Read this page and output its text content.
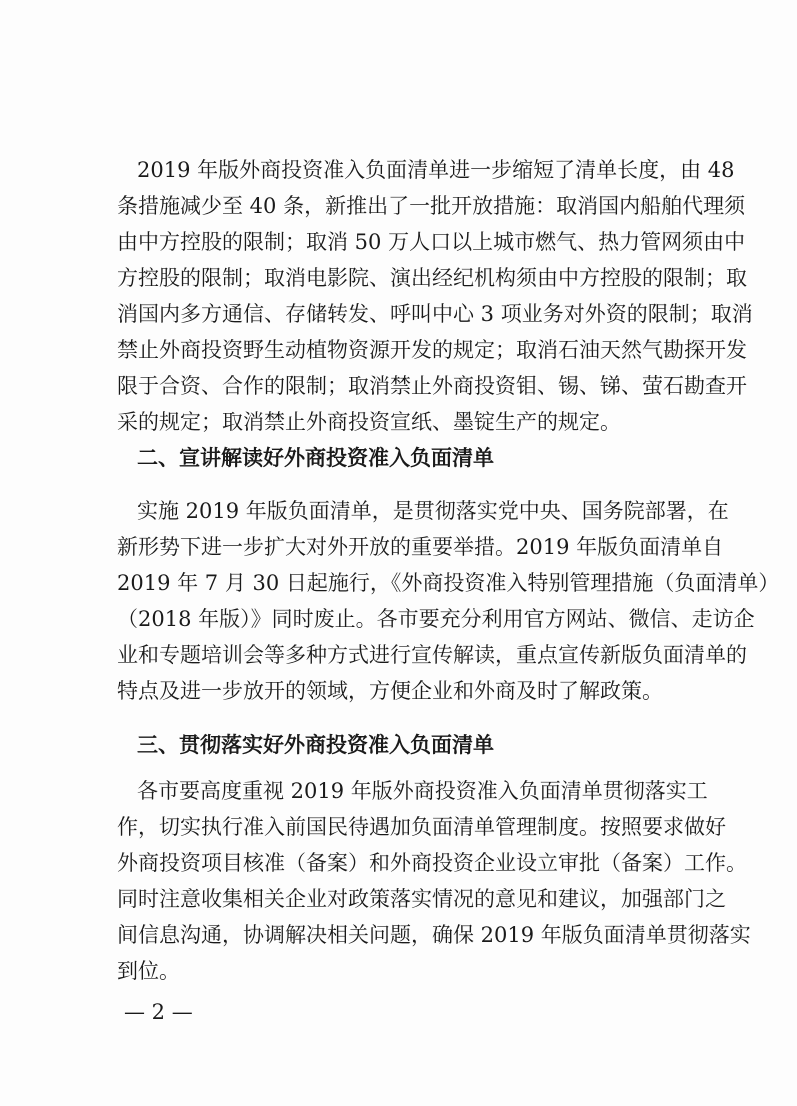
2019 年版外商投资准入负面清单进一步缩短了清单长度，由 48
条措施减少至 40 条，新推出了一批开放措施：取消国内船舶代理须
由中方控股的限制；取消 50 万人口以上城市燃气、热力管网须由中
方控股的限制；取消电影院、演出经纪机构须由中方控股的限制；取
消国内多方通信、存储转发、呼叫中心 3 项业务对外资的限制；取消
禁止外商投资野生动植物资源开发的规定；取消石油天然气勘探开发
限于合资、合作的限制；取消禁止外商投资钼、锡、锑、萤石勘查开
采的规定；取消禁止外商投资宣纸、墨锭生产的规定。
二、宣讲解读好外商投资准入负面清单
实施 2019 年版负面清单，是贯彻落实党中央、国务院部署，在
新形势下进一步扩大对外开放的重要举措。2019 年版负面清单自
2019 年 7 月 30 日起施行，《外商投资准入特别管理措施（负面清单）
（2018 年版）》同时废止。各市要充分利用官方网站、微信、走访企
业和专题培训会等多种方式进行宣传解读，重点宣传新版负面清单的
特点及进一步放开的领域，方便企业和外商及时了解政策。
三、贯彻落实好外商投资准入负面清单
各市要高度重视 2019 年版外商投资准入负面清单贯彻落实工
作，切实执行准入前国民待遇加负面清单管理制度。按照要求做好
外商投资项目核准（备案）和外商投资企业设立审批（备案）工作。
同时注意收集相关企业对政策落实情况的意见和建议，加强部门之
间信息沟通，协调解决相关问题，确保 2019 年版负面清单贯彻落实
到位。
— 2 —
